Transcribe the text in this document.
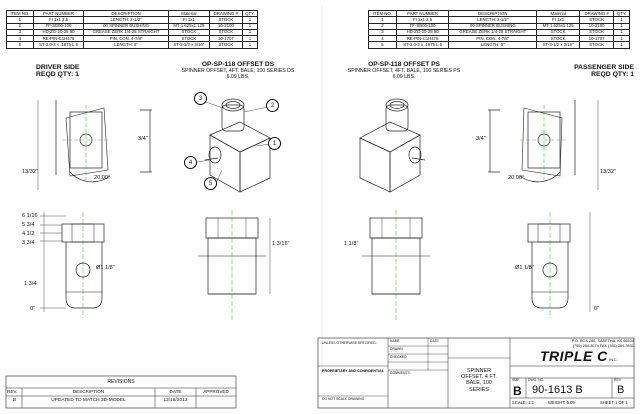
ITEM NO.	PART NUMBER	DESCRIPTION	Material	DRAWING #	QTY.
1	FI 1x1 2.5	LENGTH: 2-1/2"	FI 1x1	STOCK	1
2	FF-SB00-100	00 SPINNER BUSHING	MT 1.625x1.125	10-2100	1
3	HD-ZG-20-28 90	GREASE ZERK 1/4-28 STRAIGHT	STOCK	STOCK	1
4	RE-PIN-C1H475	PIN, CON. 4-7/8"	STOCK	10-1707	1
5	ST-3.0-3 x .1875 L 5	LENGTH: 5"	ST-3-1/2 x 3/16"	STOCK	1
ITEM NO.	PART NUMBER	DESCRIPTION	Material	DRAWING #	QTY.
1	FI 1x1 2.5	LENGTH: 2-1/2"	FI 1x1	STOCK	1
2	FF-SB00-100	00 SPINNER BUSHING	MT 1.625x1.125	10-2100	1
3	HD-ZG-20-28 90	GREASE ZERK 1/4-28 STRAIGHT	STOCK	STOCK	1
4	RE-PIN-C1H475	PIN, CON. 4-7/8"	STOCK	10-1707	1
5	ST-3.0-3 x .1875 L 5	LENGTH: 5"	ST-3-1/2 x 3/16"	STOCK	1
DRIVER SIDE
REQD QTY: 1
OP-SP-118 OFFSET DS
SPINNER OFFSET, 4FT. BALE, 100 SERIES DS
6.09 LBS.
OP-SP-118 OFFSET PS
SPINNER OFFSET, 4FT. BALE, 100 SERIES PS
6.09 LBS.
PASSENGER SIDE
REQD QTY: 1
3
2
1
4
5
3/4"
20.00°
13/32"
6 1/16
5 3/4
4 1/2
3 3/4
Ø1 1/8"
1 3/4
0"
1 3/16"
3/4"
20.00°
13/32"
1 1/8"
Ø1 1/8"
0"
REVISIONS
REV.	DESCRIPTION	DATE	APPROVED
B	UPDATED TO MATCH 3D-MODEL	12/18/2012
PROPRIETARY AND CONFIDENTIAL
DO NOT SCALE DRAWING
UNLESS OTHERWISE SPECIFIED:	NAME	DATE
DRAWN
CHECKED
COMMENTS:	SPINNER
OFFSET, 4 FT.
BALE, 100
SERIES
P.O. BOX 286, SABETHA, KS 66534
(785) 284-3674 FAX (785) 284-3931
TRIPLE CINC.
SIZE
B
DWG. NO.
90-1613 B
REV
B
SCALE: 1:2	WEIGHT: 6.09	SHEET 1 OF 1
